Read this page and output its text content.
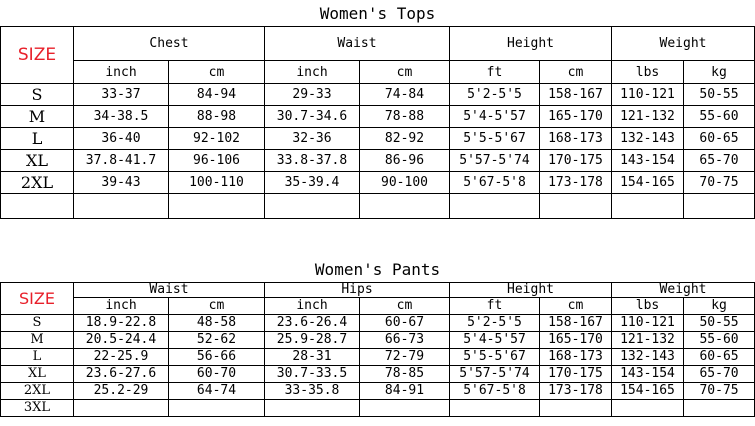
Women's Tops								
SIZE	Chest		Waist		Height		Weight	
	inch	cm	inch	cm	ft	cm	lbs	kg
S	33-37	84-94	29-33	74-84	5'2-5'5	158-167	110-121	50-55
M	34-38.5	88-98	30.7-34.6	78-88	5'4-5'57	165-170	121-132	55-60
L	36-40	92-102	32-36	82-92	5'5-5'67	168-173	132-143	60-65
XL	37.8-41.7	96-106	33.8-37.8	86-96	5'57-5'74	170-175	143-154	65-70
2XL	39-43	100-110	35-39.4	90-100	5'67-5'8	173-178	154-165	70-75

Women's Pants								
SIZE	Waist		Hips		Height		Weight	
	inch	cm	inch	cm	ft	cm	lbs	kg
S	18.9-22.8	48-58	23.6-26.4	60-67	5'2-5'5	158-167	110-121	50-55
M	20.5-24.4	52-62	25.9-28.7	66-73	5'4-5'57	165-170	121-132	55-60
L	22-25.9	56-66	28-31	72-79	5'5-5'67	168-173	132-143	60-65
XL	23.6-27.6	60-70	30.7-33.5	78-85	5'57-5'74	170-175	143-154	65-70
2XL	25.2-29	64-74	33-35.8	84-91	5'67-5'8	173-178	154-165	70-75
3XL								
